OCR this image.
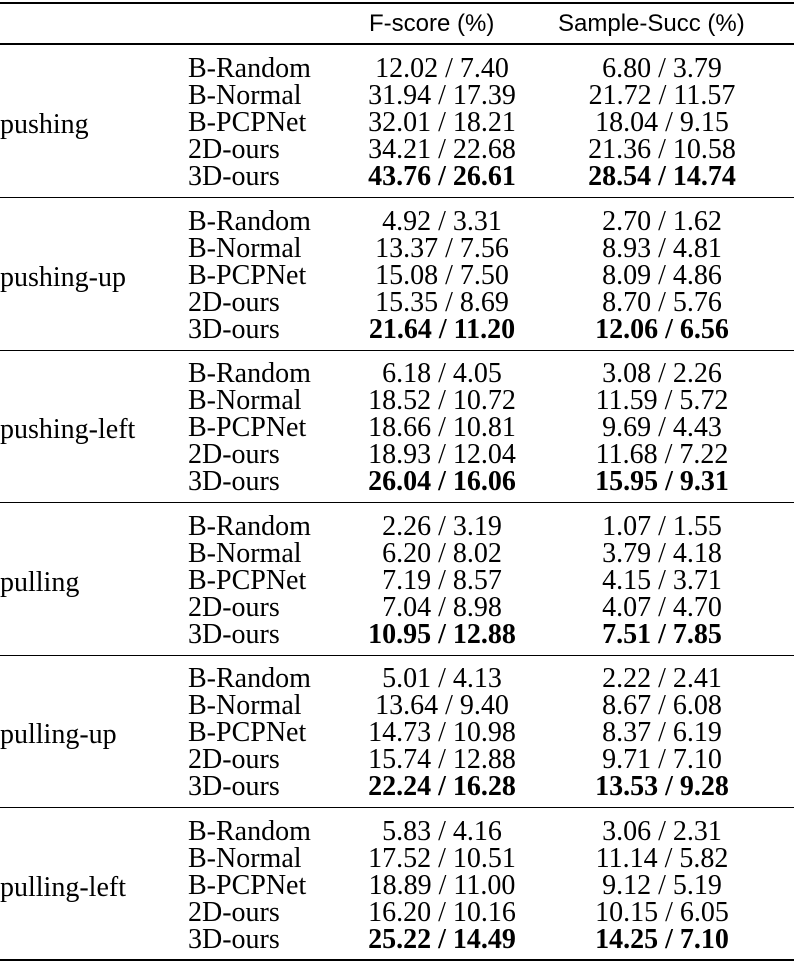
F-score (%)	Sample-Succ (%)
pushing
B-Random	12.02 / 7.40	6.80 / 3.79
B-Normal	31.94 / 17.39	21.72 / 11.57
B-PCPNet	32.01 / 18.21	18.04 / 9.15
2D-ours	34.21 / 22.68	21.36 / 10.58
3D-ours	43.76 / 26.61	28.54 / 14.74
pushing-up
B-Random	4.92 / 3.31	2.70 / 1.62
B-Normal	13.37 / 7.56	8.93 / 4.81
B-PCPNet	15.08 / 7.50	8.09 / 4.86
2D-ours	15.35 / 8.69	8.70 / 5.76
3D-ours	21.64 / 11.20	12.06 / 6.56
pushing-left
B-Random	6.18 / 4.05	3.08 / 2.26
B-Normal	18.52 / 10.72	11.59 / 5.72
B-PCPNet	18.66 / 10.81	9.69 / 4.43
2D-ours	18.93 / 12.04	11.68 / 7.22
3D-ours	26.04 / 16.06	15.95 / 9.31
pulling
B-Random	2.26 / 3.19	1.07 / 1.55
B-Normal	6.20 / 8.02	3.79 / 4.18
B-PCPNet	7.19 / 8.57	4.15 / 3.71
2D-ours	7.04 / 8.98	4.07 / 4.70
3D-ours	10.95 / 12.88	7.51 / 7.85
pulling-up
B-Random	5.01 / 4.13	2.22 / 2.41
B-Normal	13.64 / 9.40	8.67 / 6.08
B-PCPNet	14.73 / 10.98	8.37 / 6.19
2D-ours	15.74 / 12.88	9.71 / 7.10
3D-ours	22.24 / 16.28	13.53 / 9.28
pulling-left
B-Random	5.83 / 4.16	3.06 / 2.31
B-Normal	17.52 / 10.51	11.14 / 5.82
B-PCPNet	18.89 / 11.00	9.12 / 5.19
2D-ours	16.20 / 10.16	10.15 / 6.05
3D-ours	25.22 / 14.49	14.25 / 7.10
